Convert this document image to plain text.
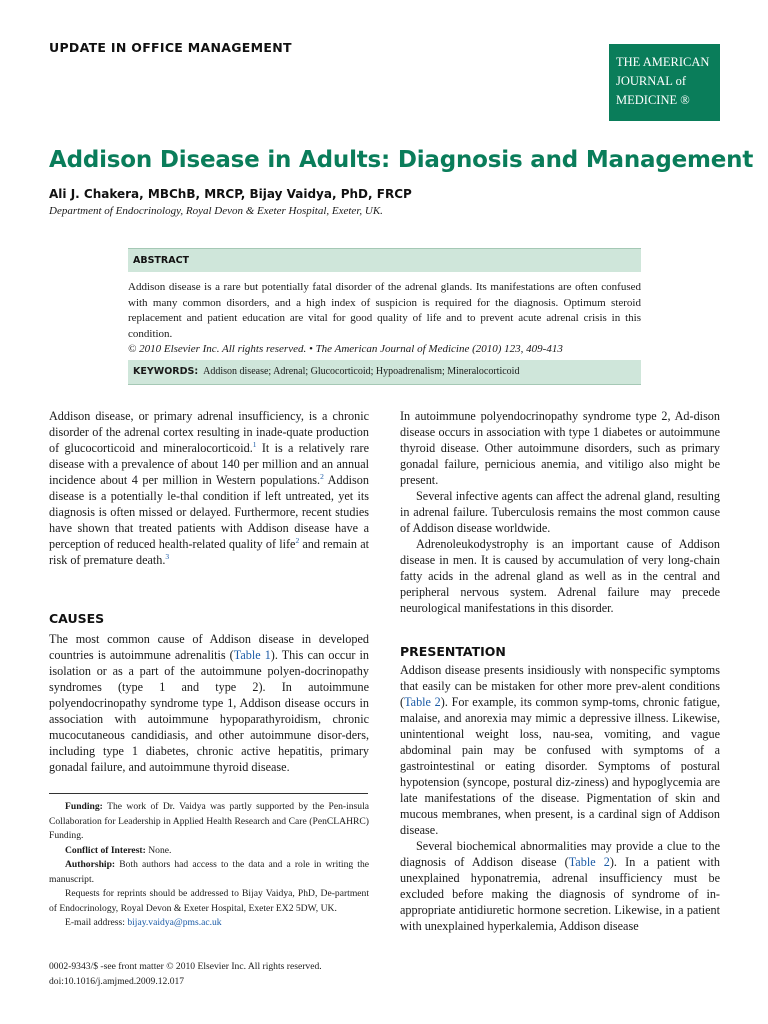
UPDATE IN OFFICE MANAGEMENT
THE AMERICAN
JOURNAL of
MEDICINE ®
Addison Disease in Adults: Diagnosis and Management
Ali J. Chakera, MBChB, MRCP, Bijay Vaidya, PhD, FRCP
Department of Endocrinology, Royal Devon & Exeter Hospital, Exeter, UK.
ABSTRACT
Addison disease is a rare but potentially fatal disorder of the adrenal glands. Its manifestations are often confused with many common disorders, and a high index of suspicion is required for the diagnosis. Optimum steroid replacement and patient education are vital for good quality of life and to prevent acute adrenal crisis in this condition.
© 2010 Elsevier Inc. All rights reserved. • The American Journal of Medicine (2010) 123, 409-413
KEYWORDS: Addison disease; Adrenal; Glucocorticoid; Hypoadrenalism; Mineralocorticoid

Addison disease, or primary adrenal insufficiency, is a chronic disorder of the adrenal cortex resulting in inade-quate production of glucocorticoid and mineralocorticoid.$^1$ It is a relatively rare disease with a prevalence of about 140 per million and an annual incidence about 4 per million in Western populations.$^2$ Addison disease is a potentially le-thal condition if left untreated, yet its diagnosis is often missed or delayed. Furthermore, recent studies have shown that treated patients with Addison disease have a perception of reduced health-related quality of life$^2$ and remain at risk of premature death.$^3$

CAUSES

The most common cause of Addison disease in developed countries is autoimmune adrenalitis (Table 1). This can occur in isolation or as a part of the autoimmune polyen-docrinopathy syndromes (type 1 and type 2). In autoimmune polyendocrinopathy syndrome type 1, Addison disease occurs in association with autoimmune hypoparathyroidism, chronic mucocutaneous candidiasis, and other autoimmune disor-ders, including type 1 diabetes, chronic active hepatitis, primary gonadal failure, and autoimmune thyroid disease.

In autoimmune polyendocrinopathy syndrome type 2, Ad-dison disease occurs in association with type 1 diabetes or autoimmune thyroid disease. Other autoimmune disorders, such as primary gonadal failure, pernicious anemia, and vitiligo also might be present.

Several infective agents can affect the adrenal gland, resulting in adrenal failure. Tuberculosis remains the most common cause of Addison disease worldwide.

Adrenoleukodystrophy is an important cause of Addison disease in men. It is caused by accumulation of very long-chain fatty acids in the adrenal gland as well as in the central and peripheral nervous system. Adrenal failure may precede neurological manifestations in this disorder.

PRESENTATION

Addison disease presents insidiously with nonspecific symptoms that easily can be mistaken for other more prev-alent conditions (Table 2). For example, its common symp-toms, chronic fatigue, malaise, and anorexia may mimic a depressive illness. Likewise, unintentional weight loss, nau-sea, vomiting, and vague abdominal pain may be confused with symptoms of a gastrointestinal or eating disorder. Symptoms of postural hypotension (syncope, postural diz-ziness) and hypoglycemia are late manifestations of the disease. Pigmentation of skin and mucous membranes, when present, is a cardinal sign of Addison disease.

Several biochemical abnormalities may provide a clue to the diagnosis of Addison disease (Table 2). In a patient with unexplained hyponatremia, adrenal insufficiency must be excluded before making the diagnosis of syndrome of in-appropriate antidiuretic hormone secretion. Likewise, in a patient with unexplained hyperkalemia, Addison disease

Funding: The work of Dr. Vaidya was partly supported by the Pen-insula Collaboration for Leadership in Applied Health Research and Care (PenCLAHRC) Funding.

Conflict of Interest: None.

Authorship: Both authors had access to the data and a role in writing the manuscript.

Requests for reprints should be addressed to Bijay Vaidya, PhD, De-partment of Endocrinology, Royal Devon & Exeter Hospital, Exeter EX2 5DW, UK.

E-mail address: bijay.vaidya@pms.ac.uk

0002-9343/$ -see front matter © 2010 Elsevier Inc. All rights reserved.
doi:10.1016/j.amjmed.2009.12.017
